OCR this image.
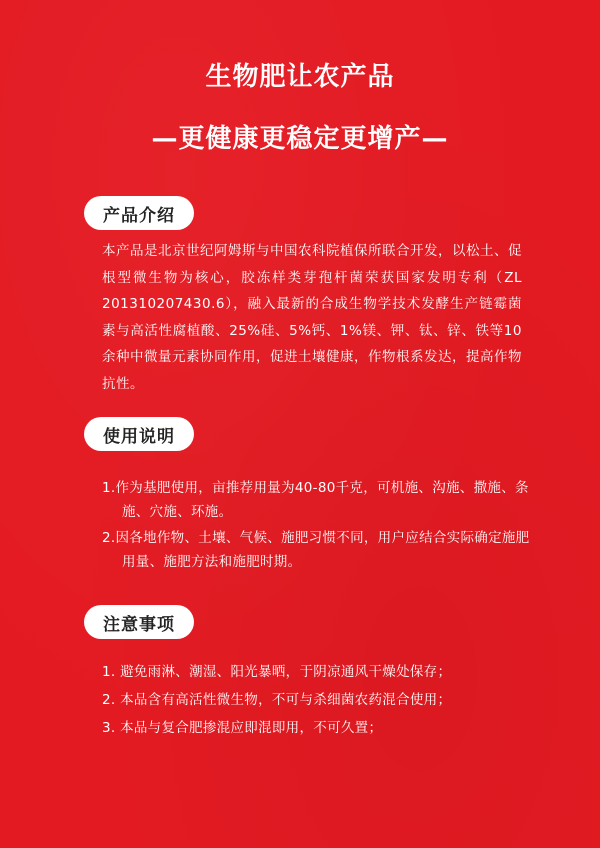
生物肥让农产品
—更健康更稳定更增产—
产品介绍

本产品是北京世纪阿姆斯与中国农科院植保所联合开发，以松土、促根型微生物为核心，胶冻样类芽孢杆菌荣获国家发明专利（ZL 201310207430.6），融入最新的合成生物学技术发酵生产链霉菌素与高活性腐植酸、25%硅、5%钙、1%镁、钾、钛、锌、铁等10余种中微量元素协同作用，促进土壤健康，作物根系发达，提高作物抗性。

使用说明
1.作为基肥使用，亩推荐用量为40-80千克，可机施、沟施、撒施、条施、穴施、环施。
2.因各地作物、土壤、气候、施肥习惯不同，用户应结合实际确定施肥用量、施肥方法和施肥时期。
注意事项
1. 避免雨淋、潮湿、阳光暴晒，于阴凉通风干燥处保存；
2. 本品含有高活性微生物，不可与杀细菌农药混合使用；
3. 本品与复合肥掺混应即混即用，不可久置；
